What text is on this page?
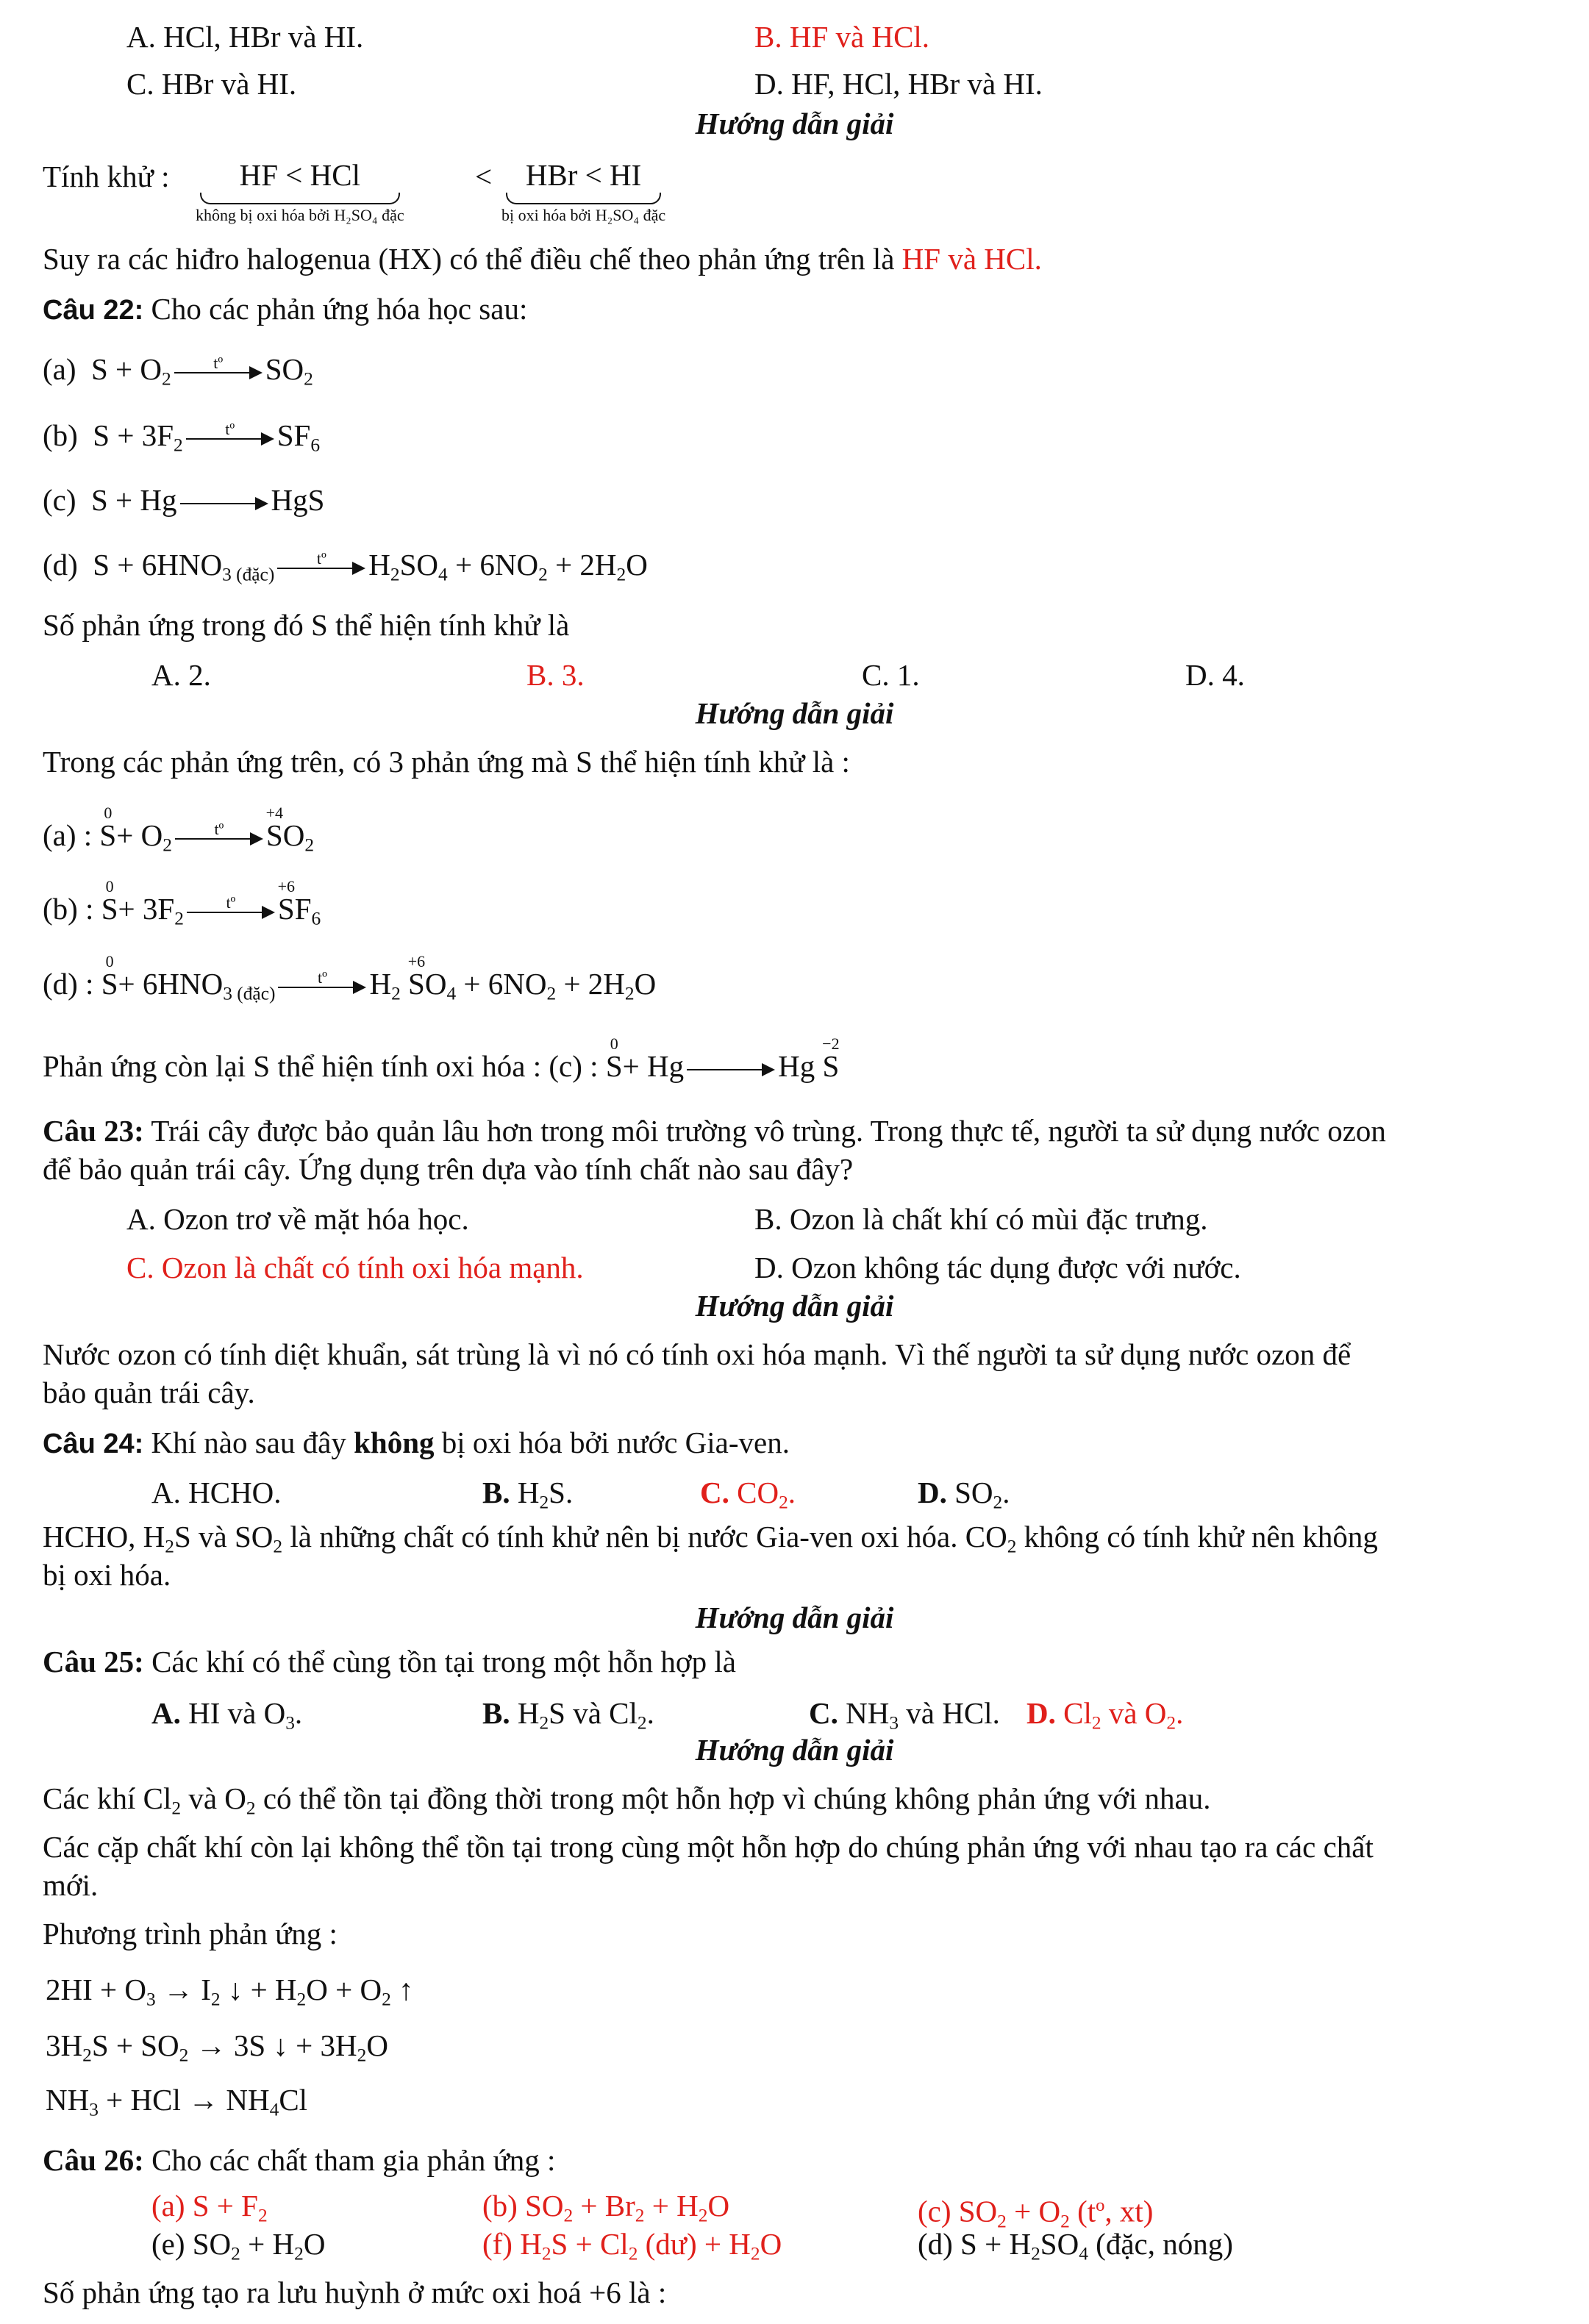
A. HCl, HBr và HI.	B. HF và HCl.
C. HBr và HI.	D. HF, HCl, HBr và HI.
Hướng dẫn giải
Tính khử :	HF < HCl
không bị oxi hóa bởi H₂SO₄ đặc
<	HBr < HI
bị oxi hóa bởi H₂SO₄ đặc
Suy ra các hiđro halogenua (HX) có thể điều chế theo phản ứng trên là HF và HCl.
Câu 22: Cho các phản ứng hóa học sau:
(a)  $S + O_2$
tº	$SO_2$
(b)  $S + 3F_2$
tº	$SF_6$
(c)  S + Hg	HgS
(d)  $S + 6HNO_{3 (đặc)}$
tº	$H_2SO_4 + 6NO_2 + 2H_2O$
Số phản ứng trong đó S thể hiện tính khử là
A. 2.	B. 3.	C. 1.	D. 4.
Hướng dẫn giải
Trong các phản ứng trên, có 3 phản ứng mà S thể hiện tính khử là :
(a) : S
0
+ $O_2$
tº	S
+4
$O_2$
(b) : S
0
+ $3F_2$
tº	S
+6
$F_6$
(d) : S
0
+ $6HNO_{3 (đặc)}$
tº	$H_2$ S
+6
$O_4 + 6NO_2 + 2H_2O$
Phản ứng còn lại S thể hiện tính oxi hóa : (c) : S
0
+ Hg	Hg S
−2
Câu 23: Trái cây được bảo quản lâu hơn trong môi trường vô trùng. Trong thực tế, người ta sử dụng nước ozon
để bảo quản trái cây. Ứng dụng trên dựa vào tính chất nào sau đây?
A. Ozon trơ về mặt hóa học.	B. Ozon là chất khí có mùi đặc trưng.
C. Ozon là chất có tính oxi hóa mạnh.	D. Ozon không tác dụng được với nước.
Hướng dẫn giải
Nước ozon có tính diệt khuẩn, sát trùng là vì nó có tính oxi hóa mạnh. Vì thế người ta sử dụng nước ozon để
bảo quản trái cây.
Câu 24: Khí nào sau đây không bị oxi hóa bởi nước Gia-ven.
A. HCHO.	B. $H_2S$.	C. $CO_2$.	D. $SO_2$.
HCHO, $H_2S$ và $SO_2$ là những chất có tính khử nên bị nước Gia-ven oxi hóa. $CO_2$ không có tính khử nên không
bị oxi hóa.
Hướng dẫn giải
Câu 25: Các khí có thể cùng tồn tại trong một hỗn hợp là
A. HI và $O_3$.	B. $H_2S$ và $Cl_2$.	C. $NH_3$ và HCl. D. $Cl_2$ và $O_2$.
Hướng dẫn giải
Các khí $Cl_2$ và $O_2$ có thể tồn tại đồng thời trong một hỗn hợp vì chúng không phản ứng với nhau.
Các cặp chất khí còn lại không thể tồn tại trong cùng một hỗn hợp do chúng phản ứng với nhau tạo ra các chất
mới.
Phương trình phản ứng :
$2HI + O_3 \to I_2$ ↓ + $H_2O + O_2$ ↑
$3H_2S + SO_2 \to 3S$ ↓ + $3H_2O$
$NH_3$ + HCl → $NH_4Cl$
Câu 26: Cho các chất tham gia phản ứng :
(a) $S + F_2$	(b) $SO_2 + Br_2 + H_2O$	(c) $SO_2 + O_2$ ($t^o$, xt)
(e) $SO_2 + H_2O$	(f) $H_2S + Cl_2$ (dư) + $H_2O$	(d) $S + H_2SO_4$ (đặc, nóng)
Số phản ứng tạo ra lưu huỳnh ở mức oxi hoá +6 là :
